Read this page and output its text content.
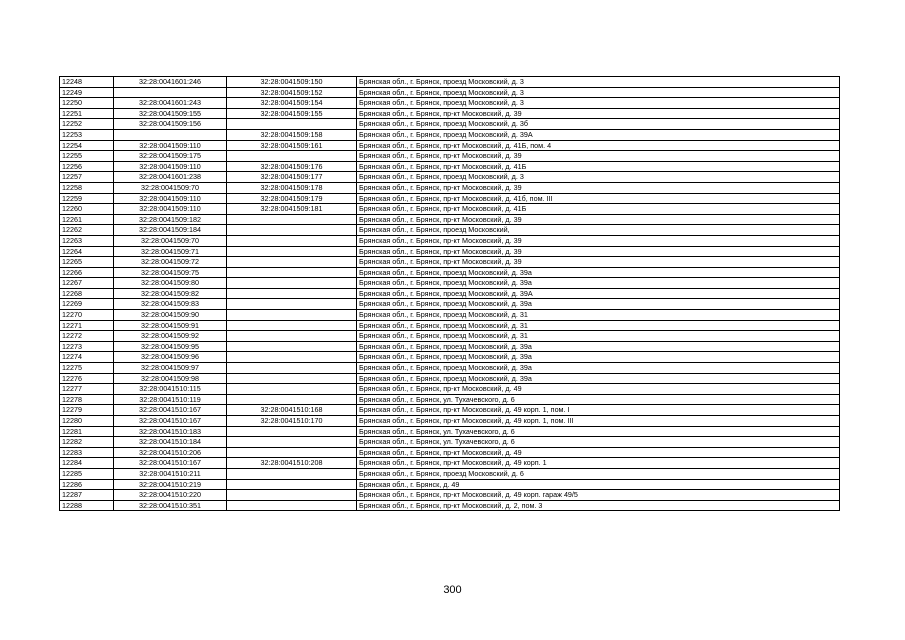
12248	32:28:0041601:246	32:28:0041509:150	Брянская обл., г. Брянск, проезд Московский, д. 3
12249		32:28:0041509:152	Брянская обл., г. Брянск, проезд Московский, д. 3
12250	32:28:0041601:243	32:28:0041509:154	Брянская обл., г. Брянск, проезд Московский, д. 3
12251	32:28:0041509:155	32:28:0041509:155	Брянская обл., г. Брянск, пр-кт Московский, д. 39
12252	32:28:0041509:156		Брянская обл., г. Брянск, проезд Московский, д. 3б
12253		32:28:0041509:158	Брянская обл., г. Брянск, проезд Московский, д. 39А
12254	32:28:0041509:110	32:28:0041509:161	Брянская обл., г. Брянск, пр-кт Московский, д. 41Б, пом. 4
12255	32:28:0041509:175		Брянская обл., г. Брянск, пр-кт Московский, д. 39
12256	32:28:0041509:110	32:28:0041509:176	Брянская обл., г. Брянск, пр-кт Московский, д. 41Б
12257	32:28:0041601:238	32:28:0041509:177	Брянская обл., г. Брянск, проезд Московский, д. 3
12258	32:28:0041509:70	32:28:0041509:178	Брянская обл., г. Брянск, пр-кт Московский, д. 39
12259	32:28:0041509:110	32:28:0041509:179	Брянская обл., г. Брянск, пр-кт Московский, д. 41б, пом. III
12260	32:28:0041509:110	32:28:0041509:181	Брянская обл., г. Брянск, пр-кт Московский, д. 41Б
12261	32:28:0041509:182		Брянская обл., г. Брянск, пр-кт Московский, д. 39
12262	32:28:0041509:184		Брянская обл., г. Брянск, проезд Московский,
12263	32:28:0041509:70		Брянская обл., г. Брянск, пр-кт Московский, д. 39
12264	32:28:0041509:71		Брянская обл., г. Брянск, пр-кт Московский, д. 39
12265	32:28:0041509:72		Брянская обл., г. Брянск, пр-кт Московский, д. 39
12266	32:28:0041509:75		Брянская обл., г. Брянск, проезд Московский, д. 39а
12267	32:28:0041509:80		Брянская обл., г. Брянск, проезд Московский, д. 39а
12268	32:28:0041509:82		Брянская обл., г. Брянск, проезд Московский, д. 39А
12269	32:28:0041509:83		Брянская обл., г. Брянск, проезд Московский, д. 39а
12270	32:28:0041509:90		Брянская обл., г. Брянск, проезд Московский, д. 31
12271	32:28:0041509:91		Брянская обл., г. Брянск, проезд Московский, д. 31
12272	32:28:0041509:92		Брянская обл., г. Брянск, проезд Московский, д. 31
12273	32:28:0041509:95		Брянская обл., г. Брянск, проезд Московский, д. 39а
12274	32:28:0041509:96		Брянская обл., г. Брянск, проезд Московский, д. 39а
12275	32:28:0041509:97		Брянская обл., г. Брянск, проезд Московский, д. 39а
12276	32:28:0041509:98		Брянская обл., г. Брянск, проезд Московский, д. 39а
12277	32:28:0041510:115		Брянская обл., г. Брянск, пр-кт Московский, д. 49
12278	32:28:0041510:119		Брянская обл., г. Брянск, ул. Тухачевского, д. 6
12279	32:28:0041510:167	32:28:0041510:168	Брянская обл., г. Брянск, пр-кт Московский, д. 49 корп. 1, пом. I
12280	32:28:0041510:167	32:28:0041510:170	Брянская обл., г. Брянск, пр-кт Московский, д. 49 корп. 1, пом. III
12281	32:28:0041510:183		Брянская обл., г. Брянск, ул. Тухачевского, д. 6
12282	32:28:0041510:184		Брянская обл., г. Брянск, ул. Тухачевского, д. 6
12283	32:28:0041510:206		Брянская обл., г. Брянск, пр-кт Московский, д. 49
12284	32:28:0041510:167	32:28:0041510:208	Брянская обл., г. Брянск, пр-кт Московский, д. 49 корп. 1
12285	32:28:0041510:211		Брянская обл., г. Брянск, проезд Московский, д. 6
12286	32:28:0041510:219		Брянская обл., г. Брянск, д. 49
12287	32:28:0041510:220		Брянская обл., г. Брянск, пр-кт Московский, д. 49 корп. гараж 49/5
12288	32:28:0041510:351		Брянская обл., г. Брянск, пр-кт Московский, д. 2, пом. 3
300
